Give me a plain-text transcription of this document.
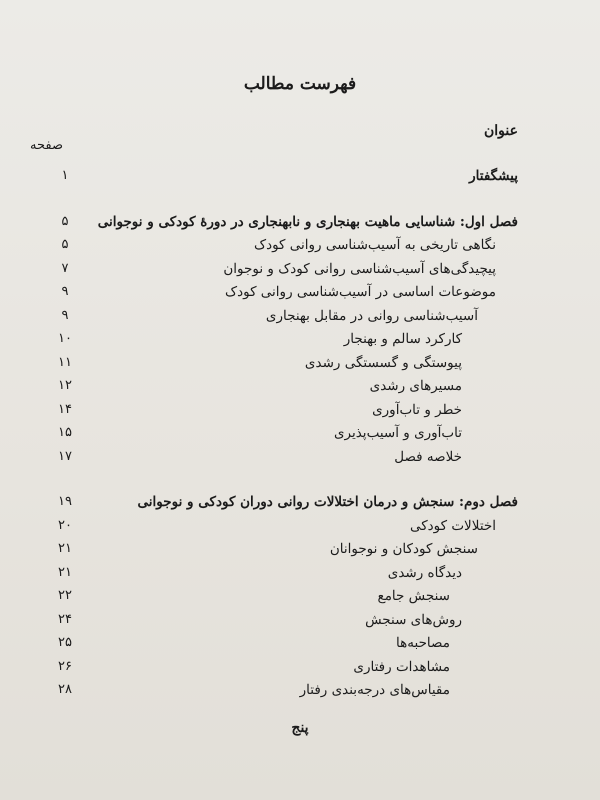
فهرست مطالب
عنوان
صفحه
پیشگفتار
۱
فصل اول: شناسایی ماهیت بهنجاری و نابهنجاری در دورهٔ کودکی و نوجوانی
۵
نگاهی تاریخی به آسیب‌شناسی روانی کودک
۵
پیچیدگی‌های آسیب‌شناسی روانی کودک و نوجوان
۷
موضوعات اساسی در آسیب‌شناسی روانی کودک
۹
آسیب‌شناسی روانی در مقابل بهنجاری
۹
کارکرد سالم و بهنجار
۱۰
پیوستگی و گسستگی رشدی
۱۱
مسیرهای رشدی
۱۲
خطر و تاب‌آوری
۱۴
تاب‌آوری و آسیب‌پذیری
۱۵
خلاصه فصل
۱۷
فصل دوم: سنجش و درمان اختلالات روانی دوران کودکی و نوجوانی
۱۹
اختلالات کودکی
۲۰
سنجش کودکان و نوجوانان
۲۱
دیدگاه رشدی
۲۱
سنجش جامع
۲۲
روش‌های سنجش
۲۴
مصاحبه‌ها
۲۵
مشاهدات رفتاری
۲۶
مقیاس‌های درجه‌بندی رفتار
۲۸
پنج
